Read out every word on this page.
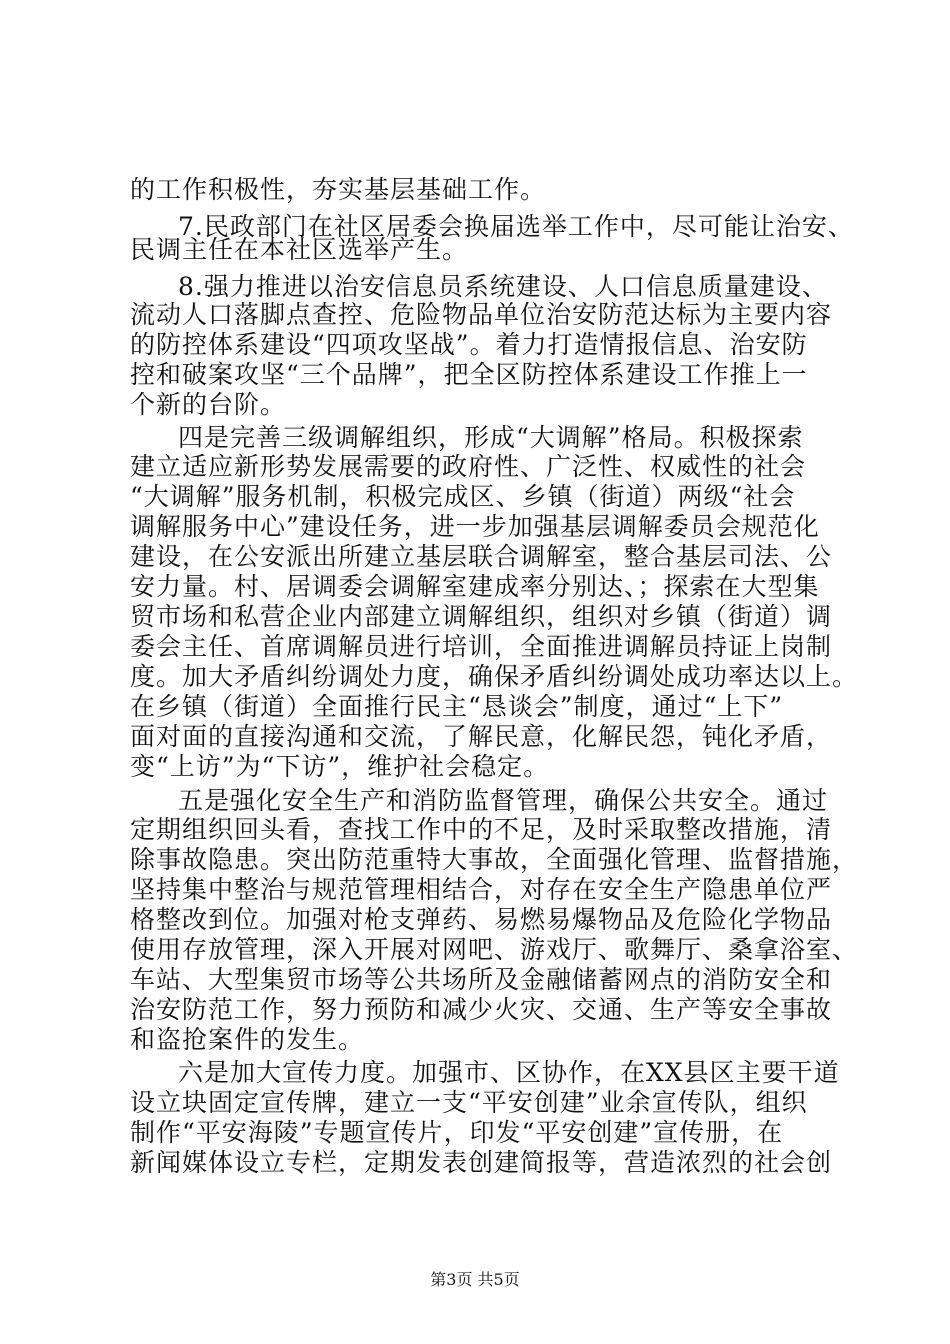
的工作积极性，夯实基层基础工作。
7.民政部门在社区居委会换届选举工作中，尽可能让治安、
民调主任在本社区选举产生。
8.强力推进以治安信息员系统建设、人口信息质量建设、
流动人口落脚点查控、危险物品单位治安防范达标为主要内容
的防控体系建设“四项攻坚战”。着力打造情报信息、治安防
控和破案攻坚“三个品牌”，把全区防控体系建设工作推上一
个新的台阶。
四是完善三级调解组织，形成“大调解”格局。积极探索
建立适应新形势发展需要的政府性、广泛性、权威性的社会
“大调解”服务机制，积极完成区、乡镇（街道）两级“社会
调解服务中心”建设任务，进一步加强基层调解委员会规范化
建设，在公安派出所建立基层联合调解室，整合基层司法、公
安力量。村、居调委会调解室建成率分别达、；探索在大型集
贸市场和私营企业内部建立调解组织，组织对乡镇（街道）调
委会主任、首席调解员进行培训，全面推进调解员持证上岗制
度。加大矛盾纠纷调处力度，确保矛盾纠纷调处成功率达以上。
在乡镇（街道）全面推行民主“恳谈会”制度，通过“上下”
面对面的直接沟通和交流，了解民意，化解民怨，钝化矛盾，
变“上访”为“下访”，维护社会稳定。
五是强化安全生产和消防监督管理，确保公共安全。通过
定期组织回头看，查找工作中的不足，及时采取整改措施，清
除事故隐患。突出防范重特大事故，全面强化管理、监督措施，
坚持集中整治与规范管理相结合，对存在安全生产隐患单位严
格整改到位。加强对枪支弹药、易燃易爆物品及危险化学物品
使用存放管理，深入开展对网吧、游戏厅、歌舞厅、桑拿浴室、
车站、大型集贸市场等公共场所及金融储蓄网点的消防安全和
治安防范工作，努力预防和减少火灾、交通、生产等安全事故
和盗抢案件的发生。
六是加大宣传力度。加强市、区协作，在XX县区主要干道
设立块固定宣传牌，建立一支“平安创建”业余宣传队，组织
制作“平安海陵”专题宣传片，印发“平安创建”宣传册，在
新闻媒体设立专栏，定期发表创建简报等，营造浓烈的社会创
第3页 共5页
